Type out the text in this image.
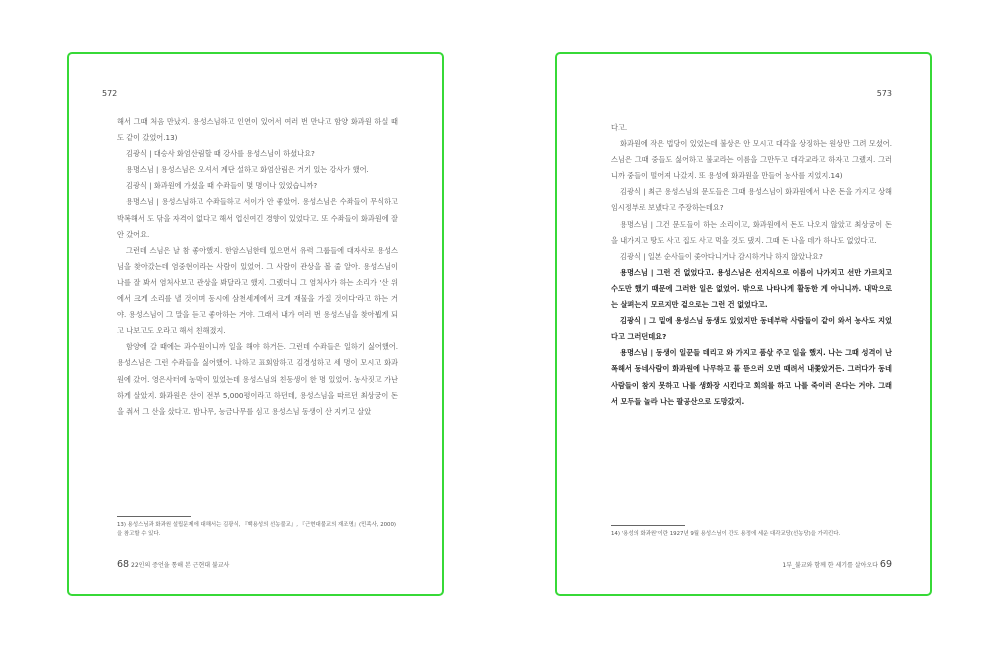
572

해서 그때 처음 만났지. 용성스님하고 인연이 있어서 여러 번 만나고 함양 화과원 하실 때도 같이 갔었어.13)

김광식 | 대승사 화엄산림할 때 강사를 용성스님이 하셨나요?

용명스님 | 용성스님은 오셔서 계단 설하고 화엄산림은 거기 있는 강사가 했어.

김광식 | 화과원에 가셨을 때 수좌들이 몇 명이나 있었습니까?

용명스님 | 용성스님하고 수좌들하고 서이가 안 좋았어. 용성스님은 수좌들이 무식하고 박복해서 도 닦을 자격이 없다고 해서 업신여긴 경향이 있었다고. 또 수좌들이 화과원에 잘 안 갔어요.

그런데 스님은 날 참 좋아했지. 한암스님한테 있으면서 유력 그룹들에 대자사로 용성스님을 찾아갔는데 염중현이라는 사람이 있었어. 그 사람이 관상을 볼 줄 알아. 용성스님이 나를 잘 봐서 염처사보고 관상을 봐달라고 했지. 그랬더니 그 염처사가 하는 소리가 '산 위에서 크게 소리를 낼 것이며 동시에 삼천세계에서 크게 재물을 가질 것이다'라고 하는 거야. 용성스님이 그 말을 듣고 좋아하는 거야. 그래서 내가 여러 번 용성스님을 찾아뵙게 되고 나보고도 오라고 해서 친해졌지.

함양에 갈 때에는 과수원이니까 일을 해야 하거든. 그런데 수좌들은 일하기 싫어했어. 용성스님은 그런 수좌들을 싫어했어. 나하고 표회암하고 김경성하고 세 명이 모시고 화과원에 갔어. 영은사터에 농막이 있었는데 용성스님의 친동생이 한 명 있었어. 농사짓고 가난하게 살았지. 화과원은 산이 전부 5,000평이라고 하던데, 용성스님을 따르던 최상궁이 돈을 줘서 그 산을 샀다고. 밤나무, 능금나무를 심고 용성스님 동생이 산 지키고 살았

13) 용성스님과 화과원 설립문제에 대해서는 김광식, 『백용성의 선농불교』, 『근현대불교의 재조명』(민족사, 2000)을 참고할 수 있다.
68 22인의 증언을 통해 본 근현대 불교사
573

다고.

화과원에 작은 법당이 있었는데 불상은 안 모시고 대각을 상징하는 원상만 그려 모셨어. 스님은 그때 중들도 싫어하고 불교라는 이름을 그만두고 대각교라고 하자고 그랬지. 그러니까 중들이 떨어져 나갔지. 또 용성에 화과원을 만들어 농사를 지었지.14)

김광식 | 최근 용성스님의 문도들은 그때 용성스님이 화과원에서 나온 돈을 가지고 상해 임시정부로 보냈다고 주장하는데요?

용명스님 | 그건 문도들이 하는 소리이고, 화과원에서 돈도 나오지 않았고 최상궁이 돈을 내가지고 땅도 사고 집도 사고 먹을 것도 댔지. 그때 돈 나올 데가 하나도 없었다고.

김광식 | 일본 순사들이 좇아다니거나 감시하거나 하지 않았나요?

용명스님 | 그런 건 없었다고. 용성스님은 선지식으로 이름이 나가지고 선만 가르치고 수도만 했기 때문에 그러한 일은 없었어. 밖으로 나타나게 활동한 게 아니니까. 내막으로는 살펴는지 모르지만 겉으로는 그런 건 없었다고.

김광식 | 그 밑에 용성스님 동생도 있었지만 동네부락 사람들이 같이 와서 농사도 지었다고 그러던데요?

용명스님 | 동생이 일꾼들 데리고 와 가지고 품삯 주고 일을 했지. 나는 그때 성격이 난폭해서 동네사람이 화과원에 나무하고 풀 뜯으러 오면 때려서 내쫓았거든. 그러다가 동네사람들이 참지 못하고 나를 생화장 시킨다고 회의를 하고 나를 죽이러 온다는 거야. 그래서 모두들 놀라 나는 팔공산으로 도망갔지.

14) '용성의 화과원'이란 1927년 9월 용성스님이 간도 용정에 세운 대각교당(선농당)을 가리킨다.
1부_불교와 함께 한 세기를 살아오다 69
